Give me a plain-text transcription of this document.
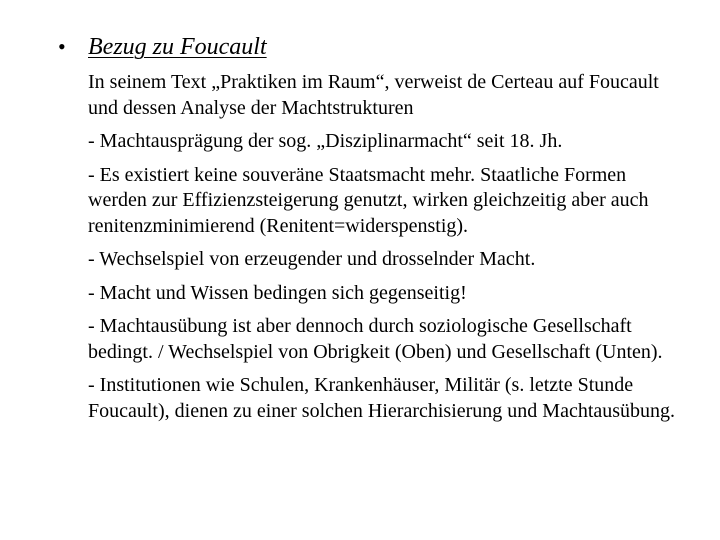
• Bezug zu Foucault

In seinem Text „Praktiken im Raum“, verweist de Certeau auf Foucault und dessen Analyse der Machtstrukturen

- Machtausprägung der sog. „Disziplinarmacht“ seit 18. Jh.

- Es existiert keine souveräne Staatsmacht mehr. Staatliche Formen werden zur Effizienzsteigerung genutzt, wirken gleichzeitig aber auch renitenzminimierend (Renitent=widerspenstig).

- Wechselspiel von erzeugender und drosselnder Macht.

- Macht und Wissen bedingen sich gegenseitig!

- Machtausübung ist aber dennoch durch soziologische Gesellschaft bedingt. / Wechselspiel von Obrigkeit (Oben) und Gesellschaft (Unten).

- Institutionen wie Schulen, Krankenhäuser, Militär (s. letzte Stunde Foucault), dienen zu einer solchen Hierarchisierung und Machtausübung.
